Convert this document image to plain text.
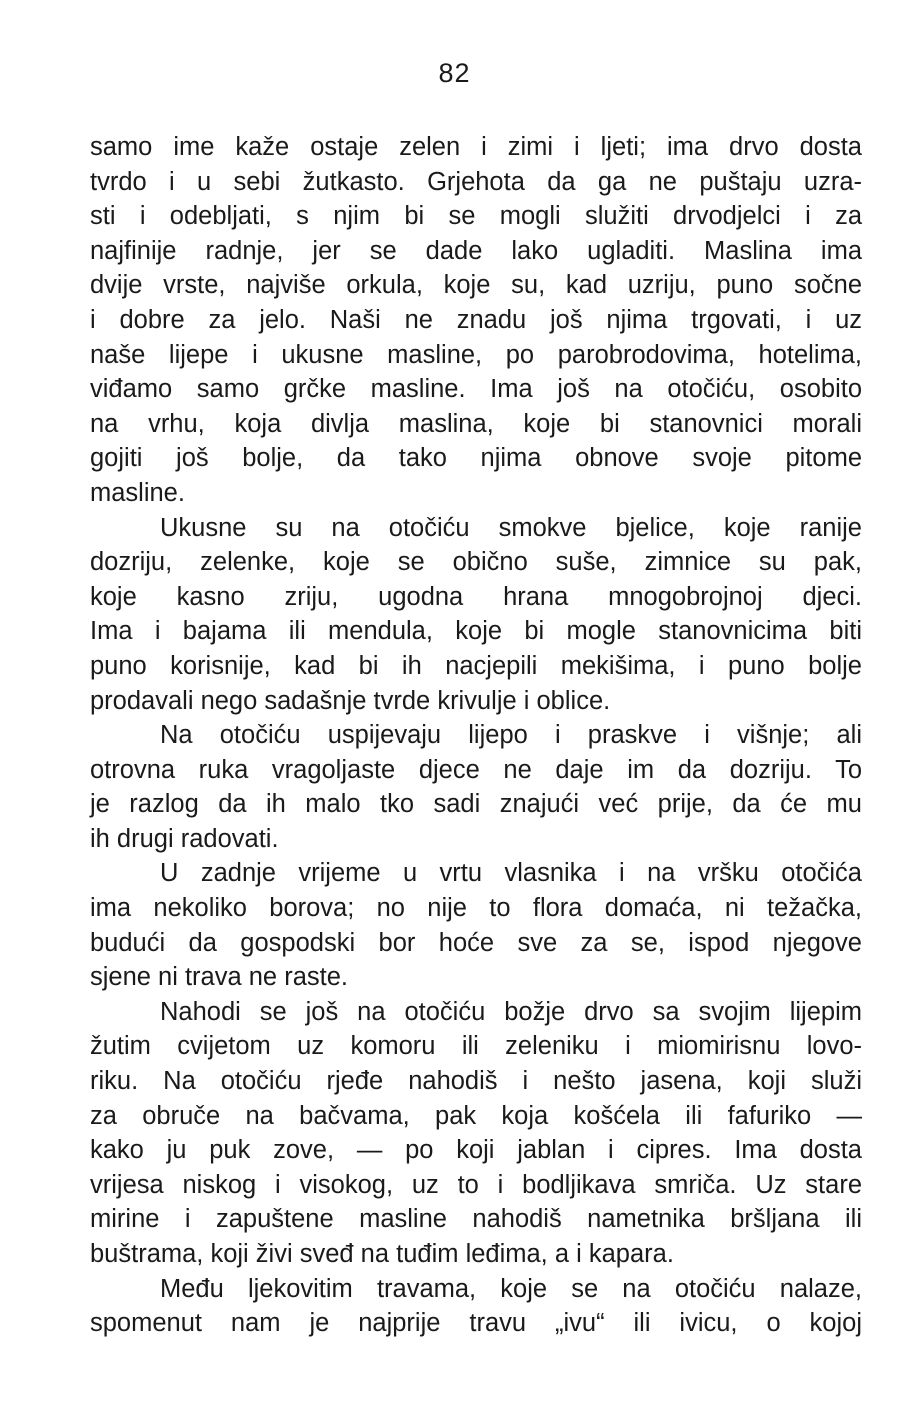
82
samo ime kaže ostaje zelen i zimi i ljeti; ima drvo dosta
tvrdo i u sebi žutkasto. Grjehota da ga ne puštaju uzra-
sti i odebljati, s njim bi se mogli služiti drvodjelci i za
najfinije radnje, jer se dade lako ugladiti. Maslina ima
dvije vrste, najviše orkula, koje su, kad uzriju, puno sočne
i dobre za jelo. Naši ne znadu još njima trgovati, i uz
naše lijepe i ukusne masline, po parobrodovima, hotelima,
viđamo samo grčke masline. Ima još na otočiću, osobito
na vrhu, koja divlja maslina, koje bi stanovnici morali
gojiti još bolje, da tako njima obnove svoje pitome
masline.
Ukusne su na otočiću smokve bjelice, koje ranije
dozriju, zelenke, koje se obično suše, zimnice su pak,
koje kasno zriju, ugodna hrana mnogobrojnoj djeci.
Ima i bajama ili mendula, koje bi mogle stanovnicima biti
puno korisnije, kad bi ih nacjepili mekišima, i puno bolje
prodavali nego sadašnje tvrde krivulje i oblice.
Na otočiću uspijevaju lijepo i praskve i višnje; ali
otrovna ruka vragoljaste djece ne daje im da dozriju. To
je razlog da ih malo tko sadi znajući već prije, da će mu
ih drugi radovati.
U zadnje vrijeme u vrtu vlasnika i na vršku otočića
ima nekoliko borova; no nije to flora domaća, ni težačka,
budući da gospodski bor hoće sve za se, ispod njegove
sjene ni trava ne raste.
Nahodi se još na otočiću božje drvo sa svojim lijepim
žutim cvijetom uz komoru ili zeleniku i miomirisnu lovo-
riku. Na otočiću rjeđe nahodiš i nešto jasena, koji služi
za obruče na bačvama, pak koja košćela ili fafuriko —
kako ju puk zove, — po koji jablan i cipres. Ima dosta
vrijesa niskog i visokog, uz to i bodljikava smriča. Uz stare
mirine i zapuštene masline nahodiš nametnika bršljana ili
buštrama, koji živi sveđ na tuđim leđima, a i kapara.
Među ljekovitim travama, koje se na otočiću nalaze,
spomenut nam je najprije travu „ivu“ ili ivicu, o kojoj
